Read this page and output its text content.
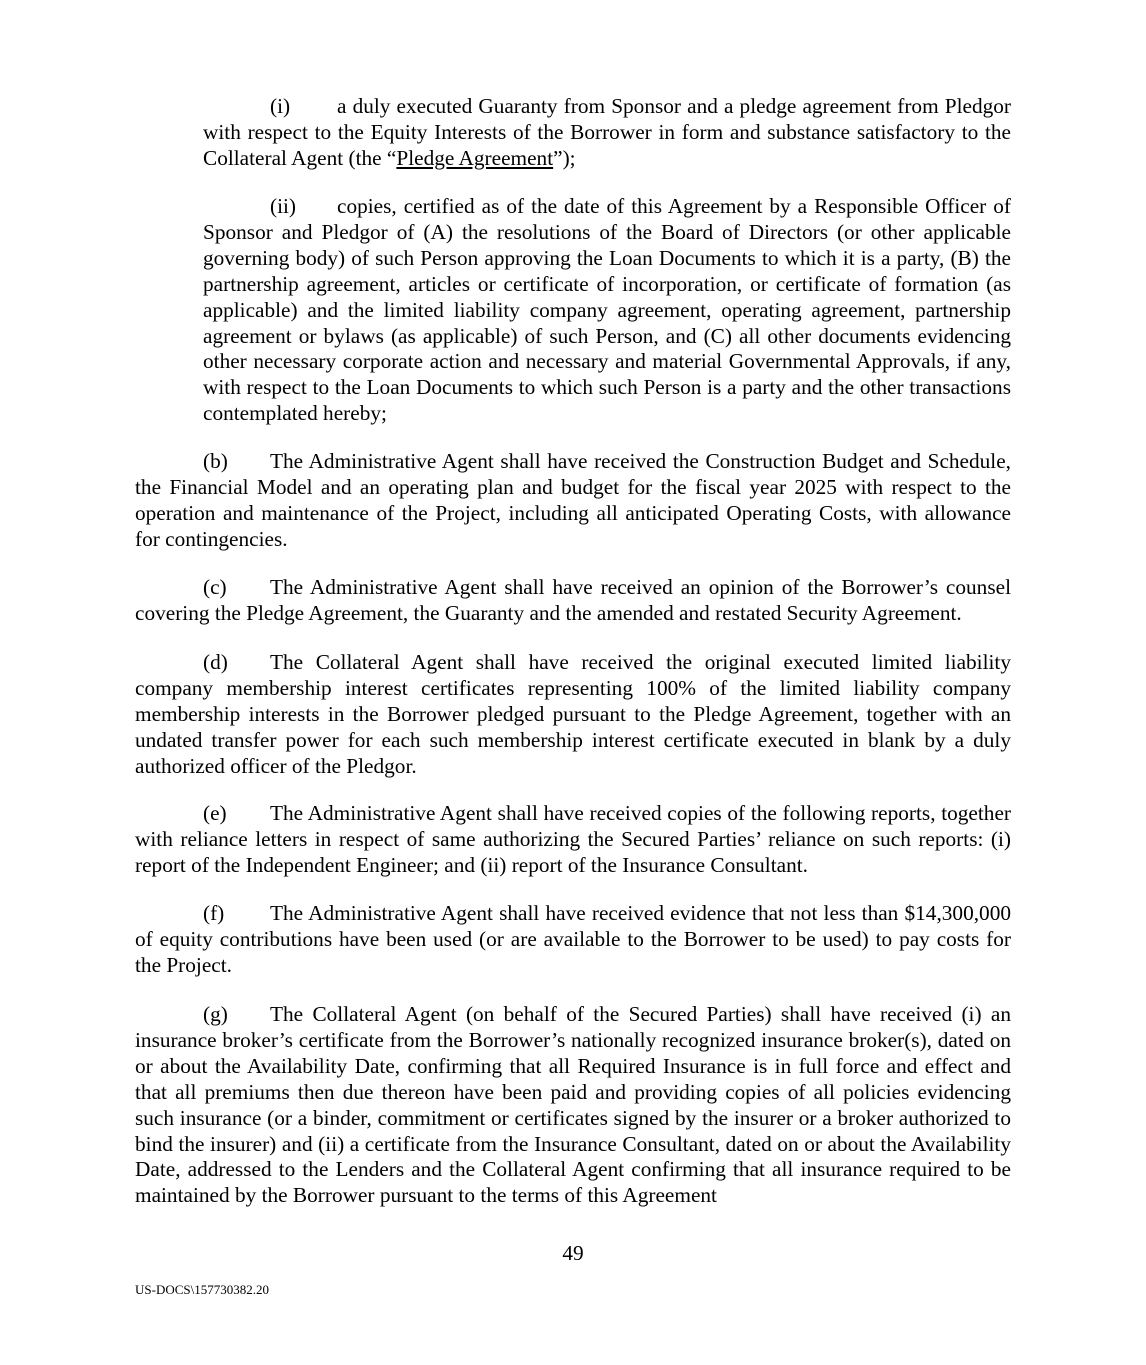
(i) a duly executed Guaranty from Sponsor and a pledge agreement from Pledgor with respect to the Equity Interests of the Borrower in form and substance satisfactory to the Collateral Agent (the “Pledge Agreement”);

(ii) copies, certified as of the date of this Agreement by a Responsible Officer of Sponsor and Pledgor of (A) the resolutions of the Board of Directors (or other applicable governing body) of such Person approving the Loan Documents to which it is a party, (B) the partnership agreement, articles or certificate of incorporation, or certificate of formation (as applicable) and the limited liability company agreement, operating agreement, partnership agreement or bylaws (as applicable) of such Person, and (C) all other documents evidencing other necessary corporate action and necessary and material Governmental Approvals, if any, with respect to the Loan Documents to which such Person is a party and the other transactions contemplated hereby;

(b) The Administrative Agent shall have received the Construction Budget and Schedule, the Financial Model and an operating plan and budget for the fiscal year 2025 with respect to the operation and maintenance of the Project, including all anticipated Operating Costs, with allowance for contingencies.

(c) The Administrative Agent shall have received an opinion of the Borrower’s counsel covering the Pledge Agreement, the Guaranty and the amended and restated Security Agreement.

(d) The Collateral Agent shall have received the original executed limited liability company membership interest certificates representing 100% of the limited liability company membership interests in the Borrower pledged pursuant to the Pledge Agreement, together with an undated transfer power for each such membership interest certificate executed in blank by a duly authorized officer of the Pledgor.

(e) The Administrative Agent shall have received copies of the following reports, together with reliance letters in respect of same authorizing the Secured Parties’ reliance on such reports: (i) report of the Independent Engineer; and (ii) report of the Insurance Consultant.

(f) The Administrative Agent shall have received evidence that not less than $14,300,000 of equity contributions have been used (or are available to the Borrower to be used) to pay costs for the Project.

(g) The Collateral Agent (on behalf of the Secured Parties) shall have received (i) an insurance broker’s certificate from the Borrower’s nationally recognized insurance broker(s), dated on or about the Availability Date, confirming that all Required Insurance is in full force and effect and that all premiums then due thereon have been paid and providing copies of all policies evidencing such insurance (or a binder, commitment or certificates signed by the insurer or a broker authorized to bind the insurer) and (ii) a certificate from the Insurance Consultant, dated on or about the Availability Date, addressed to the Lenders and the Collateral Agent confirming that all insurance required to be maintained by the Borrower pursuant to the terms of this Agreement

49
US-DOCS\157730382.20
